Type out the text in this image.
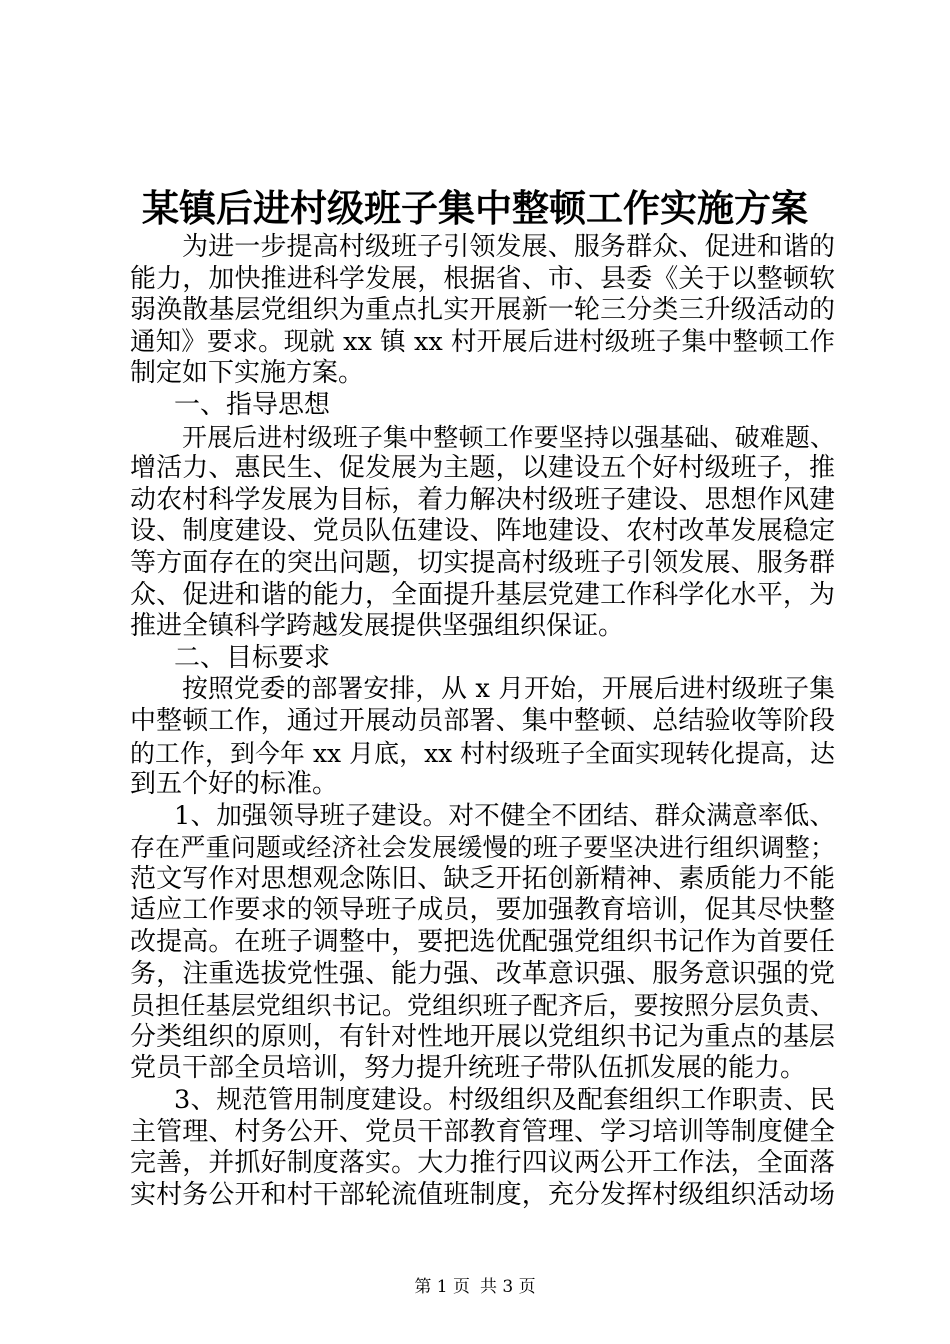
某镇后进村级班子集中整顿工作实施方案
为进一步提高村级班子引领发展、服务群众、促进和谐的
能力，加快推进科学发展，根据省、市、县委《关于以整顿软
弱涣散基层党组织为重点扎实开展新一轮三分类三升级活动的
通知》要求。现就 xx 镇 xx 村开展后进村级班子集中整顿工作
制定如下实施方案。
一、指导思想
开展后进村级班子集中整顿工作要坚持以强基础、破难题、
增活力、惠民生、促发展为主题，以建设五个好村级班子，推
动农村科学发展为目标，着力解决村级班子建设、思想作风建
设、制度建设、党员队伍建设、阵地建设、农村改革发展稳定
等方面存在的突出问题，切实提高村级班子引领发展、服务群
众、促进和谐的能力，全面提升基层党建工作科学化水平，为
推进全镇科学跨越发展提供坚强组织保证。
二、目标要求
按照党委的部署安排，从 x 月开始，开展后进村级班子集
中整顿工作，通过开展动员部署、集中整顿、总结验收等阶段
的工作，到今年 xx 月底，xx 村村级班子全面实现转化提高，达
到五个好的标准。
1、加强领导班子建设。对不健全不团结、群众满意率低、
存在严重问题或经济社会发展缓慢的班子要坚决进行组织调整；
范文写作对思想观念陈旧、缺乏开拓创新精神、素质能力不能
适应工作要求的领导班子成员，要加强教育培训，促其尽快整
改提高。在班子调整中，要把选优配强党组织书记作为首要任
务，注重选拔党性强、能力强、改革意识强、服务意识强的党
员担任基层党组织书记。党组织班子配齐后，要按照分层负责、
分类组织的原则，有针对性地开展以党组织书记为重点的基层
党员干部全员培训，努力提升统班子带队伍抓发展的能力。
3、规范管用制度建设。村级组织及配套组织工作职责、民
主管理、村务公开、党员干部教育管理、学习培训等制度健全
完善，并抓好制度落实。大力推行四议两公开工作法，全面落
实村务公开和村干部轮流值班制度，充分发挥村级组织活动场
第 1 页 共 3 页
